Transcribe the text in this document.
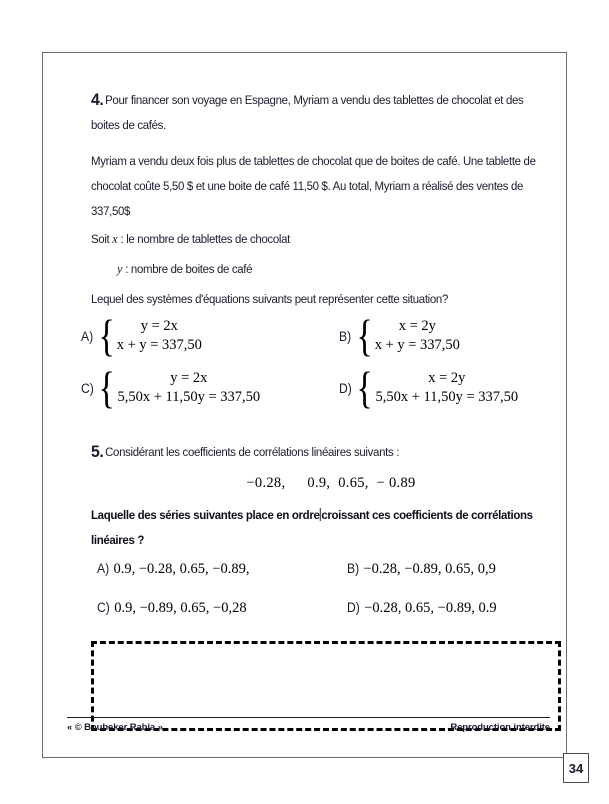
4. Pour financer son voyage en Espagne, Myriam a vendu des tablettes de chocolat et des boites de cafés.
Myriam a vendu deux fois plus de tablettes de chocolat que de boites de café. Une tablette de chocolat coûte 5,50 $ et une boite de café 11,50 $. Au total, Myriam a réalisé des ventes de 337,50$
Soit x : le nombre de tablettes de chocolat
y : nombre de boites de café
Lequel des systèmes d'équations suivants peut représenter cette situation?
A) {	y = 2x
x + y = 337,50
B) {	x = 2y
x + y = 337,50
C) {	y = 2x
5,50x + 11,50y = 337,50
D) {	x = 2y
5,50x + 11,50y = 337,50
5. Considérant les coefficients de corrélations linéaires suivants :
−0.28, 0.9, 0.65, − 0.89
Laquelle des séries suivantes place en ordre croissant ces coefficients de corrélations linéaires ?
A) 0.9, −0.28, 0.65, −0.89,	B) −0.28, −0.89, 0.65, 0,9
C) 0.9, −0.89, 0.65, −0,28	D) −0.28, 0.65, −0.89, 0.9
« © Boubeker Rabia »	Reproduction interdite
34
